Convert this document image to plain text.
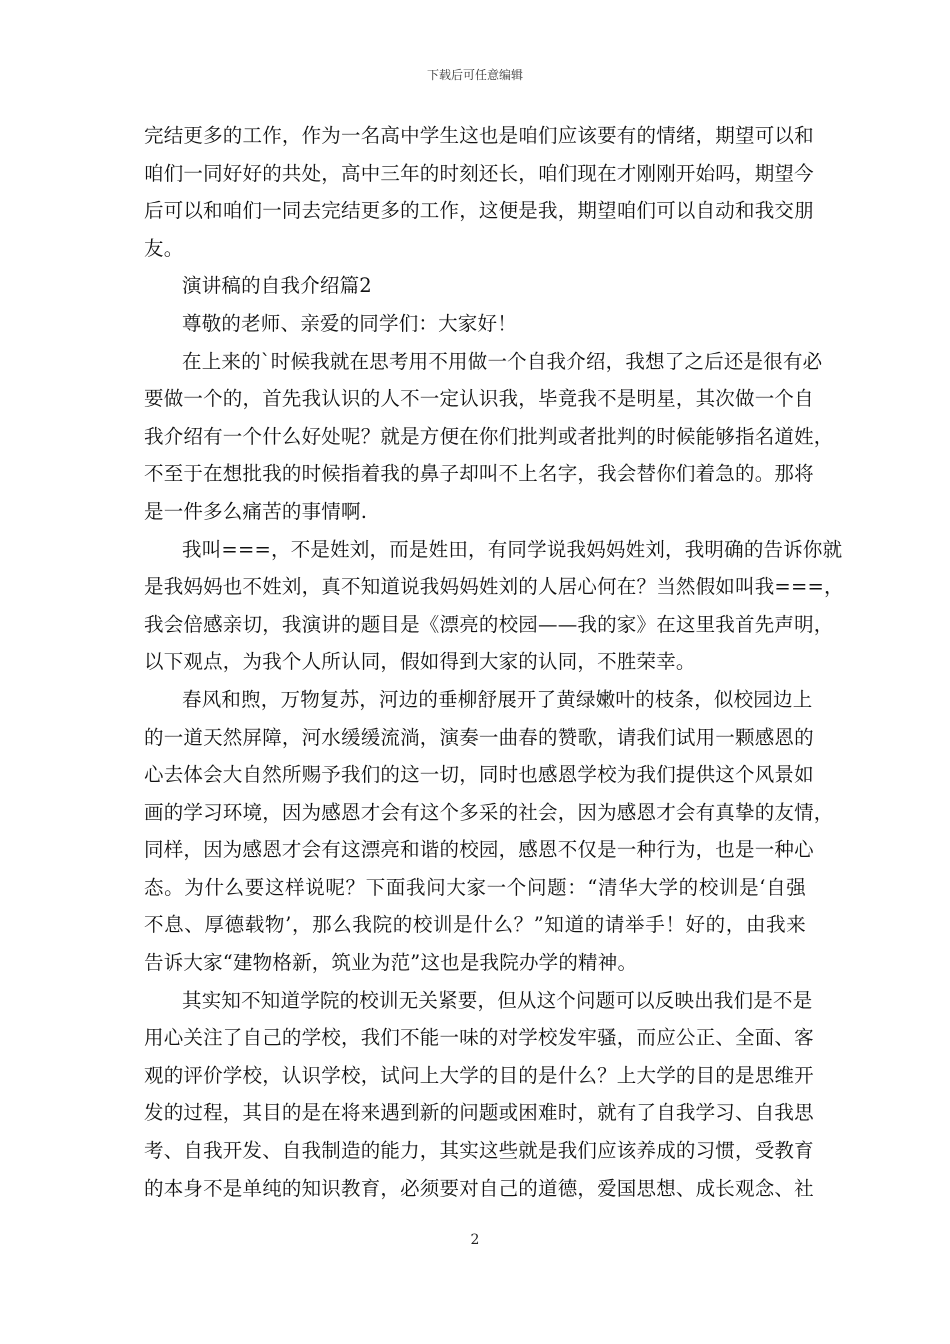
下载后可任意编辑
完结更多的工作，作为一名高中学生这也是咱们应该要有的情绪，期望可以和
咱们一同好好的共处，高中三年的时刻还长，咱们现在才刚刚开始吗，期望今
后可以和咱们一同去完结更多的工作，这便是我，期望咱们可以自动和我交朋
友。
演讲稿的自我介绍篇2
尊敬的老师、亲爱的同学们：大家好！
在上来的`时候我就在思考用不用做一个自我介绍，我想了之后还是很有必
要做一个的，首先我认识的人不一定认识我，毕竟我不是明星，其次做一个自
我介绍有一个什么好处呢？就是方便在你们批判或者批判的时候能够指名道姓，
不至于在想批我的时候指着我的鼻子却叫不上名字，我会替你们着急的。那将
是一件多么痛苦的事情啊.
我叫===，不是姓刘，而是姓田，有同学说我妈妈姓刘，我明确的告诉你就
是我妈妈也不姓刘，真不知道说我妈妈姓刘的人居心何在？当然假如叫我===，
我会倍感亲切，我演讲的题目是《漂亮的校园——我的家》在这里我首先声明，
以下观点，为我个人所认同，假如得到大家的认同，不胜荣幸。
春风和煦，万物复苏，河边的垂柳舒展开了黄绿嫩叶的枝条，似校园边上
的一道天然屏障，河水缓缓流淌，演奏一曲春的赞歌，请我们试用一颗感恩的
心去体会大自然所赐予我们的这一切，同时也感恩学校为我们提供这个风景如
画的学习环境，因为感恩才会有这个多采的社会，因为感恩才会有真挚的友情，
同样，因为感恩才会有这漂亮和谐的校园，感恩不仅是一种行为，也是一种心
态。为什么要这样说呢？下面我问大家一个问题：“清华大学的校训是‘自强
不息、厚德载物’，那么我院的校训是什么？”知道的请举手！好的，由我来
告诉大家“建物格新，筑业为范”这也是我院办学的精神。
其实知不知道学院的校训无关紧要，但从这个问题可以反映出我们是不是
用心关注了自己的学校，我们不能一味的对学校发牢骚，而应公正、全面、客
观的评价学校，认识学校，试问上大学的目的是什么？上大学的目的是思维开
发的过程，其目的是在将来遇到新的问题或困难时，就有了自我学习、自我思
考、自我开发、自我制造的能力，其实这些就是我们应该养成的习惯，受教育
的本身不是单纯的知识教育，必须要对自己的道德，爱国思想、成长观念、社
2
